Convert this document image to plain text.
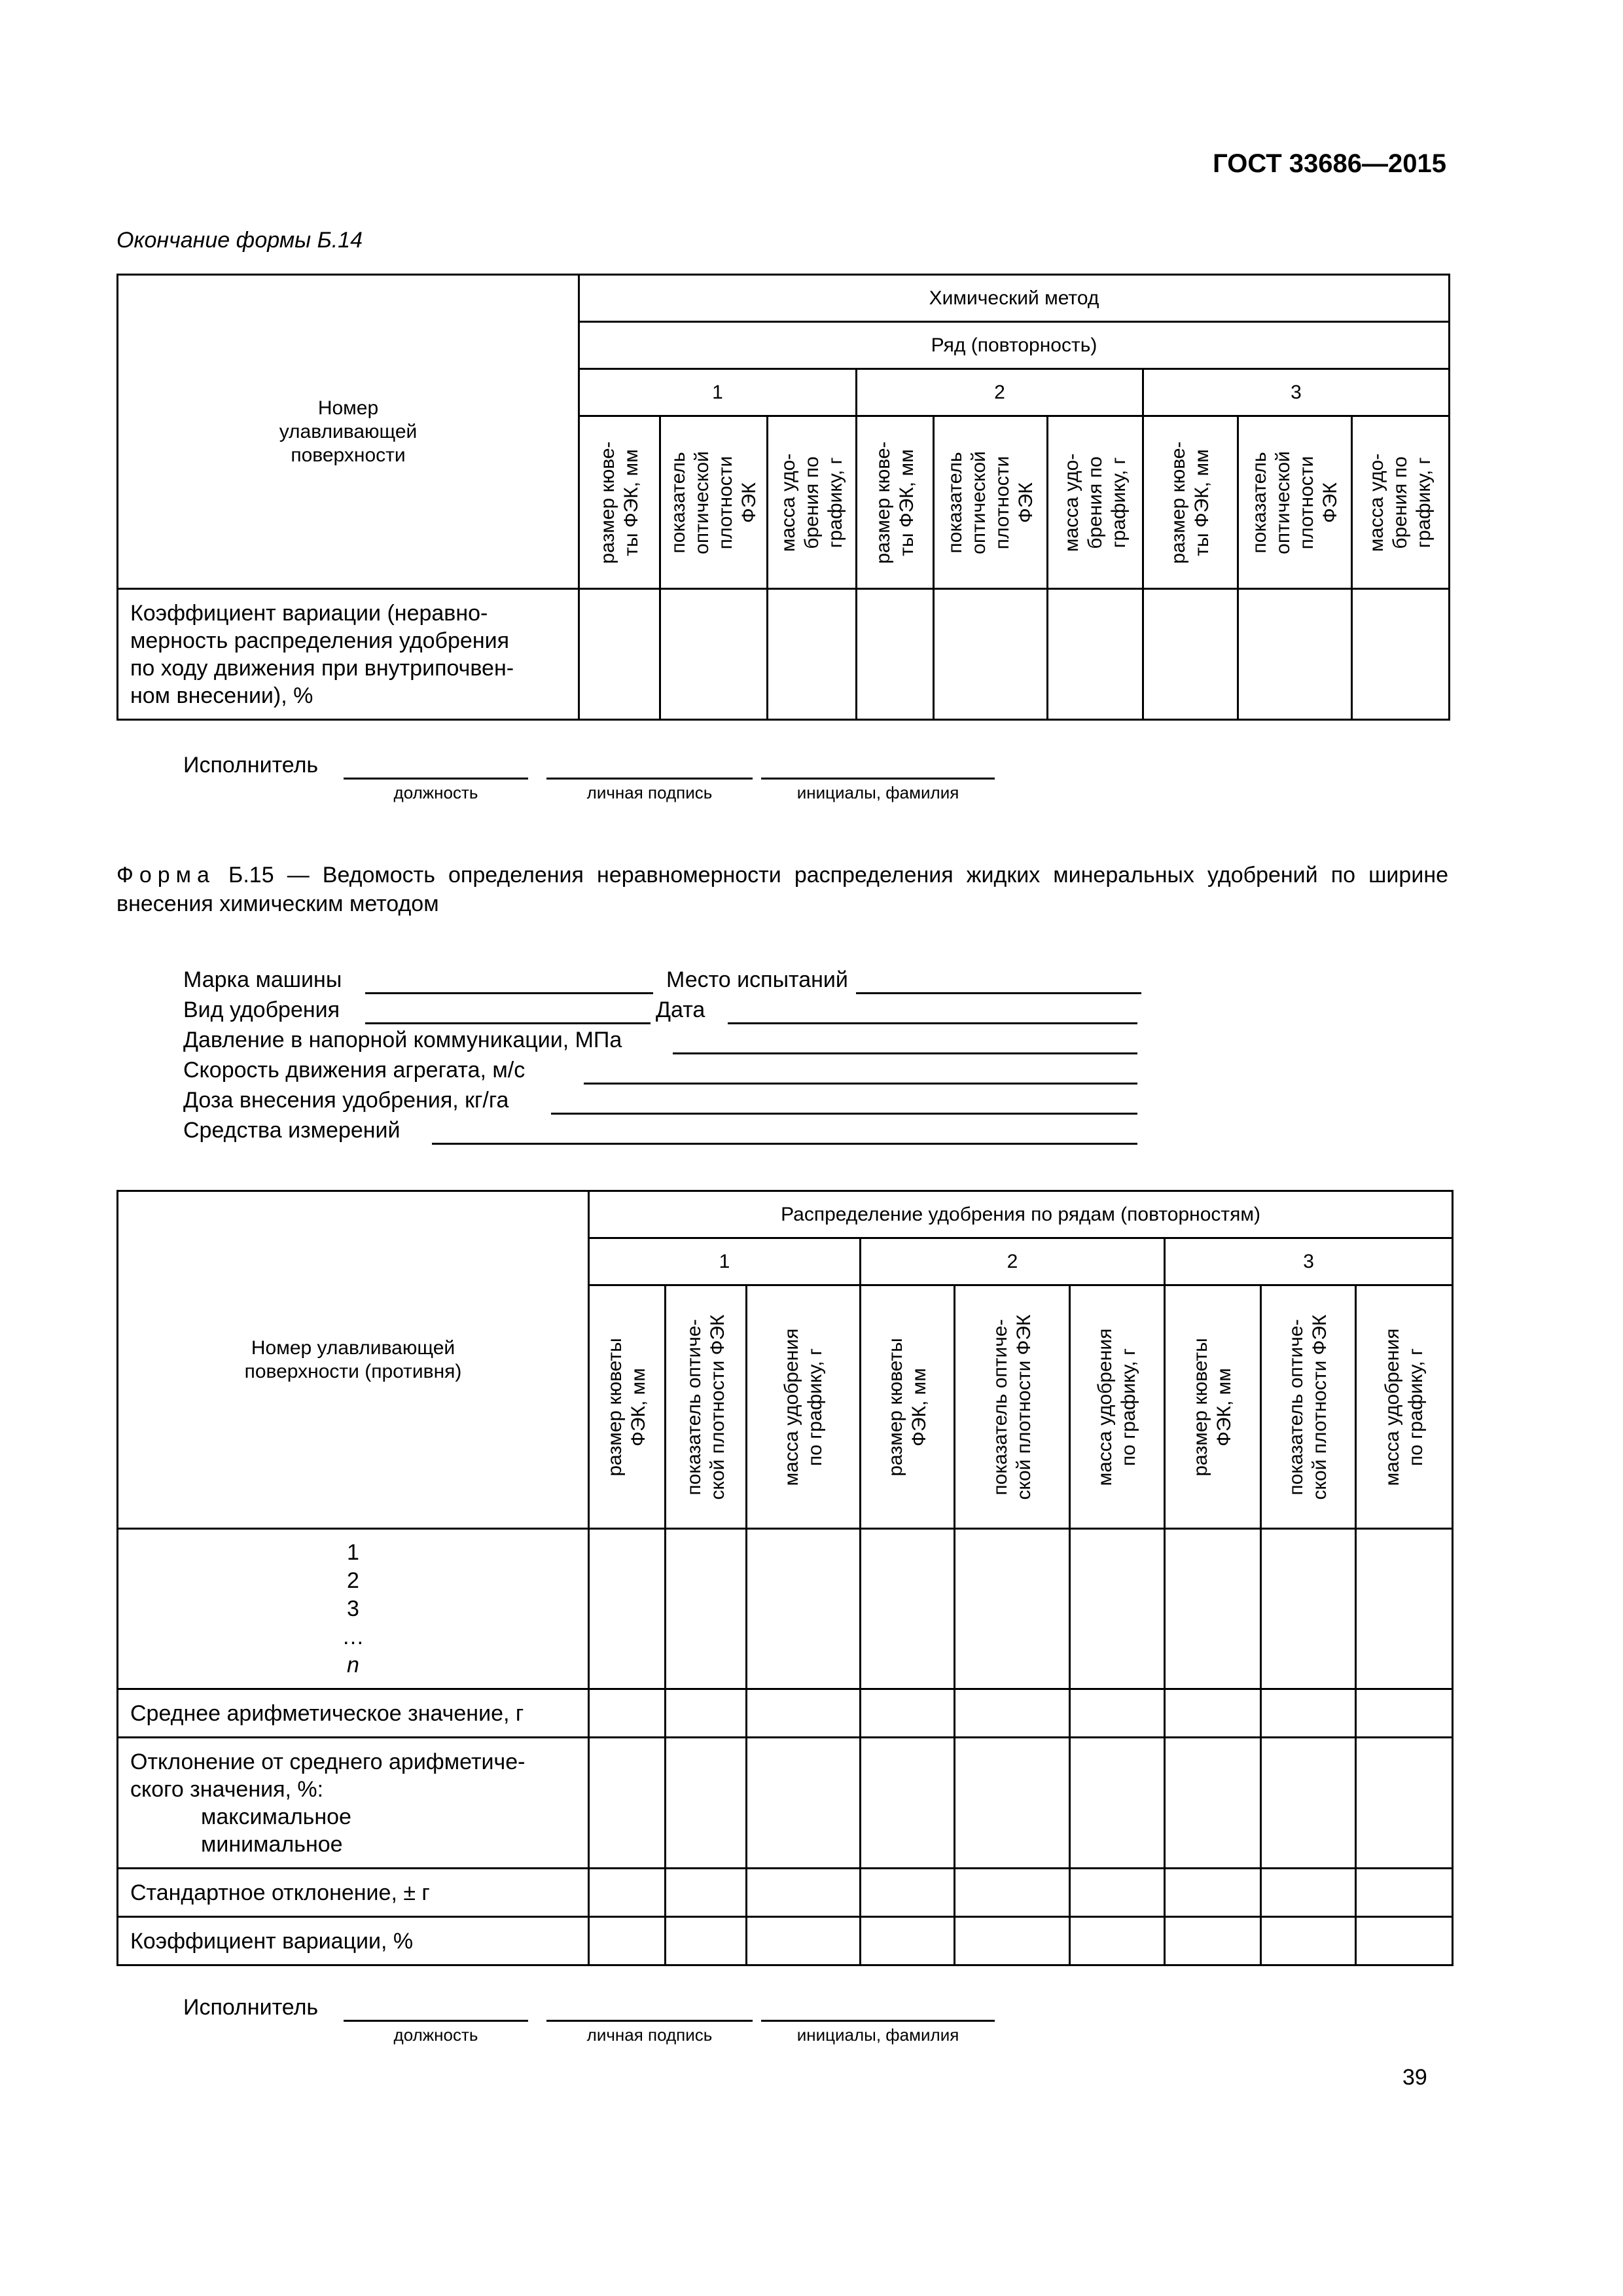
ГОСТ 33686—2015
Окончание формы Б.14
Номер
улавливающей
поверхности	Химический метод								
	Ряд (повторность)								
	1			2			3		

	размер кюве- ты ФЭК, мм	показатель оптической плотности ФЭК	масса удо- брения по графику, г	размер кюве- ты ФЭК, мм	показатель оптической плотности ФЭК	масса удо- брения по графику, г	размер кюве- ты ФЭК, мм	показатель оптической плотности ФЭК	масса удо- брения по графику, г

Коэффициент вариации (неравно-
мерность распределения удобрения
по ходу движения при внутрипочвен-
ном внесении), %									

Исполнитель
должность	личная подпись	инициалы, фамилия
Форма Б.15 — Ведомость определения неравномерности распределения жидких минеральных удобрений по ширине внесения химическим методом
Марка машины	Место испытаний
Вид удобрения	Дата
Давление в напорной коммуникации, МПа
Скорость движения агрегата, м/с
Доза внесения удобрения, кг/га
Средства измерений
Номер улавливающей
поверхности (противня)	Распределение удобрения по рядам (повторностям)								
	1			2			3		

	размер кюветы ФЭК, мм	показатель оптиче- ской плотности ФЭК	масса удобрения по графику, г	размер кюветы ФЭК, мм	показатель оптиче- ской плотности ФЭК	масса удобрения по графику, г	размер кюветы ФЭК, мм	показатель оптиче- ской плотности ФЭК	масса удобрения по графику, г

1
2
3
…
n									

Среднее арифметическое значение, г									

Отклонение от среднего арифметиче-
ского значения, %:
максимальное
минимальное									

Стандартное отклонение, ± г									
Коэффициент вариации, %									
Исполнитель
должность	личная подпись	инициалы, фамилия
39
